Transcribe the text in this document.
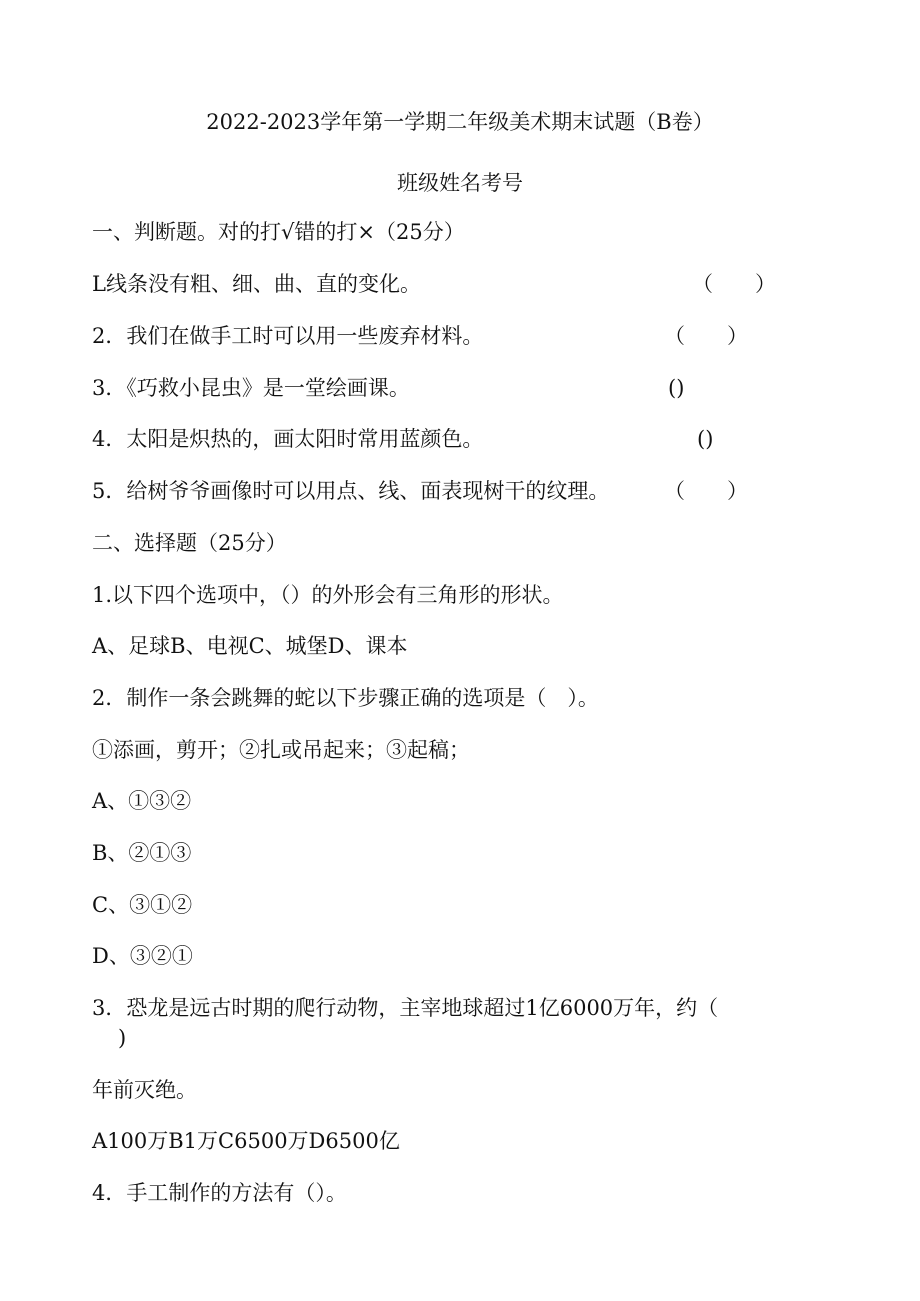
2022-2023学年第一学期二年级美术期末试题（B卷）
班级姓名考号
一、判断题。对的打√错的打×（25分）
L线条没有粗、细、曲、直的变化。	（　　）
2．我们在做手工时可以用一些废弃材料。	（　　）
3．《巧救小昆虫》是一堂绘画课。	()
4．太阳是炽热的，画太阳时常用蓝颜色。	()
5．给树爷爷画像时可以用点、线、面表现树干的纹理。	（　　）
二、选择题（25分）
1.以下四个选项中，（）的外形会有三角形的形状。
A、足球B、电视C、城堡D、课本
2．制作一条会跳舞的蛇以下步骤正确的选项是（　）。
①添画，剪开；②扎或吊起来；③起稿；
A、①③②
B、②①③
C、③①②
D、③②①
3．恐龙是远古时期的爬行动物，主宰地球超过1亿6000万年，约（
)
年前灭绝。
A100万B1万C6500万D6500亿
4．手工制作的方法有（）。
